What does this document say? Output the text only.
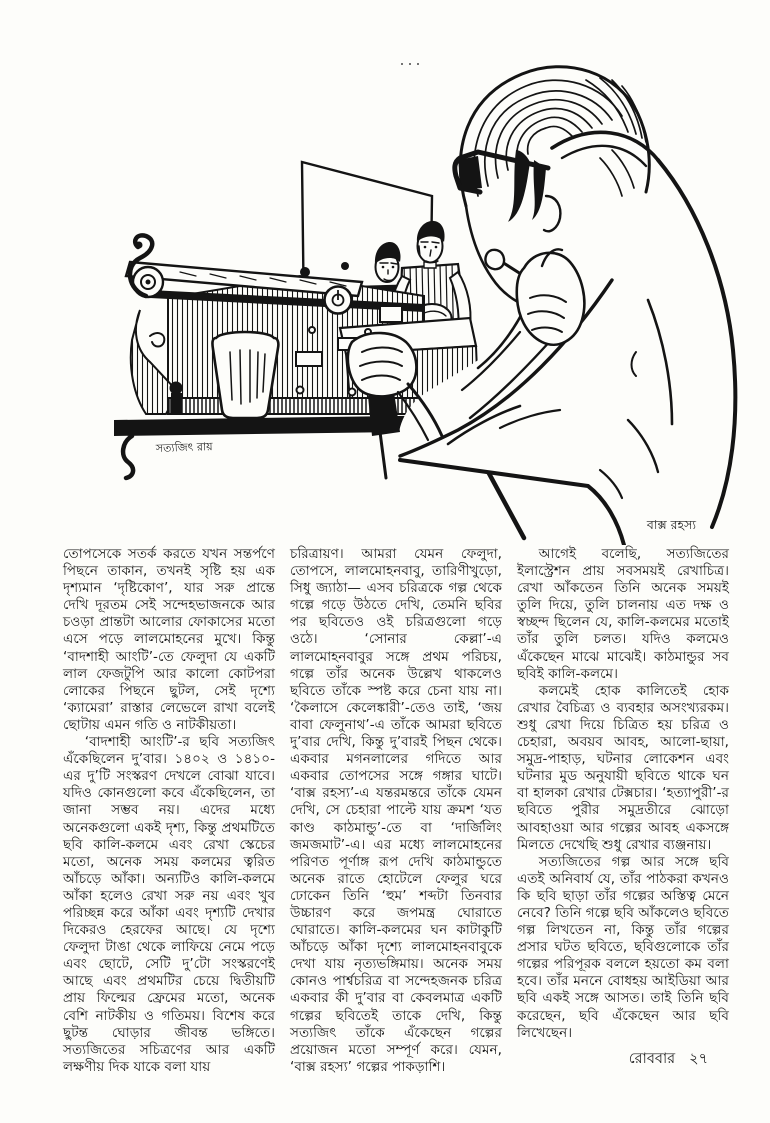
সত্যজিৎ রায়
বাক্স রহস্য

তোপসেকে সতর্ক করতে যখন সন্তর্পণে পিছনে তাকান, তখনই সৃষ্টি হয় এক দৃশ্যমান ‘দৃষ্টিকোণ’, যার সরু প্রান্তে দেখি দূরতম সেই সন্দেহভাজনকে আর চওড়া প্রান্তটা আলোর ফোকাসের মতো এসে পড়ে লালমোহনের মুখে। কিন্তু ‘বাদশাহী আংটি’-তে ফেলুদা যে একটি লাল ফেজটুপি আর কালো কোটপরা লোকের পিছনে ছুটল, সেই দৃশ্যে ‘ক্যামেরা’ রাস্তার লেভেলে রাখা বলেই ছোটায় এমন গতি ও নাটকীয়তা।

‘বাদশাহী আংটি’-র ছবি সত্যজিৎ এঁকেছিলেন দু’বার। ১৪০২ ও ১৪১০-এর দু’টি সংস্করণ দেখলে বোঝা যাবে। যদিও কোনগুলো কবে এঁকেছিলেন, তা জানা সম্ভব নয়। এদের মধ্যে অনেকগুলো একই দৃশ্য, কিন্তু প্রথমটিতে ছবি কালি-কলমে এবং রেখা স্কেচের মতো, অনেক সময় কলমের ত্বরিত আঁচড়ে আঁকা। অন্যটিও কালি-কলমে আঁকা হলেও রেখা সরু নয় এবং খুব পরিচ্ছন্ন করে আঁকা এবং দৃশ্যটি দেখার দিকেরও হেরফের আছে। যে দৃশ্যে ফেলুদা টাঙা থেকে লাফিয়ে নেমে পড়ে এবং ছোটে, সেটি দু’টো সংস্করণেই আছে এবং প্রথমটির চেয়ে দ্বিতীয়টি প্রায় ফিল্মের ফ্রেমের মতো, অনেক বেশি নাটকীয় ও গতিময়। বিশেষ করে ছুটন্ত ঘোড়ার জীবন্ত ভঙ্গিতে। সত্যজিতের সচিত্রণের আর একটি লক্ষণীয় দিক যাকে বলা যায়

চরিত্রায়ণ। আমরা যেমন ফেলুদা, তোপসে, লালমোহনবাবু, তারিণীখুড়ো, সিধু জ্যাঠা— এসব চরিত্রকে গল্প থেকে গল্পে গড়ে উঠতে দেখি, তেমনি ছবির পর ছবিতেও ওই চরিত্রগুলো গড়ে ওঠে। ‘সোনার কেল্লা’-এ লালমোহনবাবুর সঙ্গে প্রথম পরিচয়, গল্পে তাঁর অনেক উল্লেখ থাকলেও ছবিতে তাঁকে স্পষ্ট করে চেনা যায় না। ‘কৈলাসে কেলেঙ্কারী’-তেও তাই, ‘জয় বাবা ফেলুনাথ’-এ তাঁকে আমরা ছবিতে দু’বার দেখি, কিন্তু দু’বারই পিছন থেকে। একবার মগনলালের গদিতে আর একবার তোপসের সঙ্গে গঙ্গার ঘাটে। ‘বাক্স রহস্য’-এ যন্তরমন্তরে তাঁকে যেমন দেখি, সে চেহারা পাল্টে যায় ক্রমশ ‘যত কাণ্ড কাঠমান্ডু’-তে বা ‘দার্জিলিং জমজমাট’-এ। এর মধ্যে লালমোহনের পরিণত পূর্ণাঙ্গ রূপ দেখি কাঠমান্ডুতে অনেক রাতে হোটেলে ফেলুর ঘরে ঢোকেন তিনি ‘হুম’ শব্দটা তিনবার উচ্চারণ করে জপমন্ত্র ঘোরাতে ঘোরাতে। কালি-কলমের ঘন কাটাকুটি আঁচড়ে আঁকা দৃশ্যে লালমোহনবাবুকে দেখা যায় নৃত্যভঙ্গিমায়। অনেক সময় কোনও পার্শ্বচরিত্র বা সন্দেহজনক চরিত্র একবার কী দু’বার বা কেবলমাত্র একটি গল্পের ছবিতেই তাকে দেখি, কিন্তু সত্যজিৎ তাঁকে এঁকেছেন গল্পের প্রয়োজন মতো সম্পূর্ণ করে। যেমন, ‘বাক্স রহস্য’ গল্পের পাকড়াশি।

আগেই বলেছি, সত্যজিতের ইলাস্ট্রেশন প্রায় সবসময়ই রেখাচিত্র। রেখা আঁকতেন তিনি অনেক সময়ই তুলি দিয়ে, তুলি চালনায় এত দক্ষ ও স্বচ্ছন্দ ছিলেন যে, কালি-কলমের মতোই তাঁর তুলি চলত। যদিও কলমেও এঁকেছেন মাঝে মাঝেই। কাঠমান্ডুর সব ছবিই কালি-কলমে।

কলমেই হোক কালিতেই হোক রেখার বৈচিত্র্য ও ব্যবহার অসংখ্যরকম। শুধু রেখা দিয়ে চিত্রিত হয় চরিত্র ও চেহারা, অবয়ব আবহ, আলো-ছায়া, সমুদ্র-পাহাড়, ঘটনার লোকেশন এবং ঘটনার মুড অনুযায়ী ছবিতে থাকে ঘন বা হালকা রেখার টেক্সচার। ‘হত্যাপুরী’-র ছবিতে পুরীর সমুদ্রতীরে ঝোড়ো আবহাওয়া আর গল্পের আবহ একসঙ্গে মিলতে দেখেছি শুধু রেখার ব্যঞ্জনায়।

সত্যজিতের গল্প আর সঙ্গে ছবি এতই অনিবার্য যে, তাঁর পাঠকরা কখনও কি ছবি ছাড়া তাঁর গল্পের অস্তিত্ব মেনে নেবে? তিনি গল্পে ছবি আঁকলেও ছবিতে গল্প লিখতেন না, কিন্তু তাঁর গল্পের প্রসার ঘটত ছবিতে, ছবিগুলোকে তাঁর গল্পের পরিপূরক বললে হয়তো কম বলা হবে। তাঁর মননে বোধহয় আইডিয়া আর ছবি একই সঙ্গে আসত। তাই তিনি ছবি করেছেন, ছবি এঁকেছেন আর ছবি লিখেছেন।

রোববার ২৭
